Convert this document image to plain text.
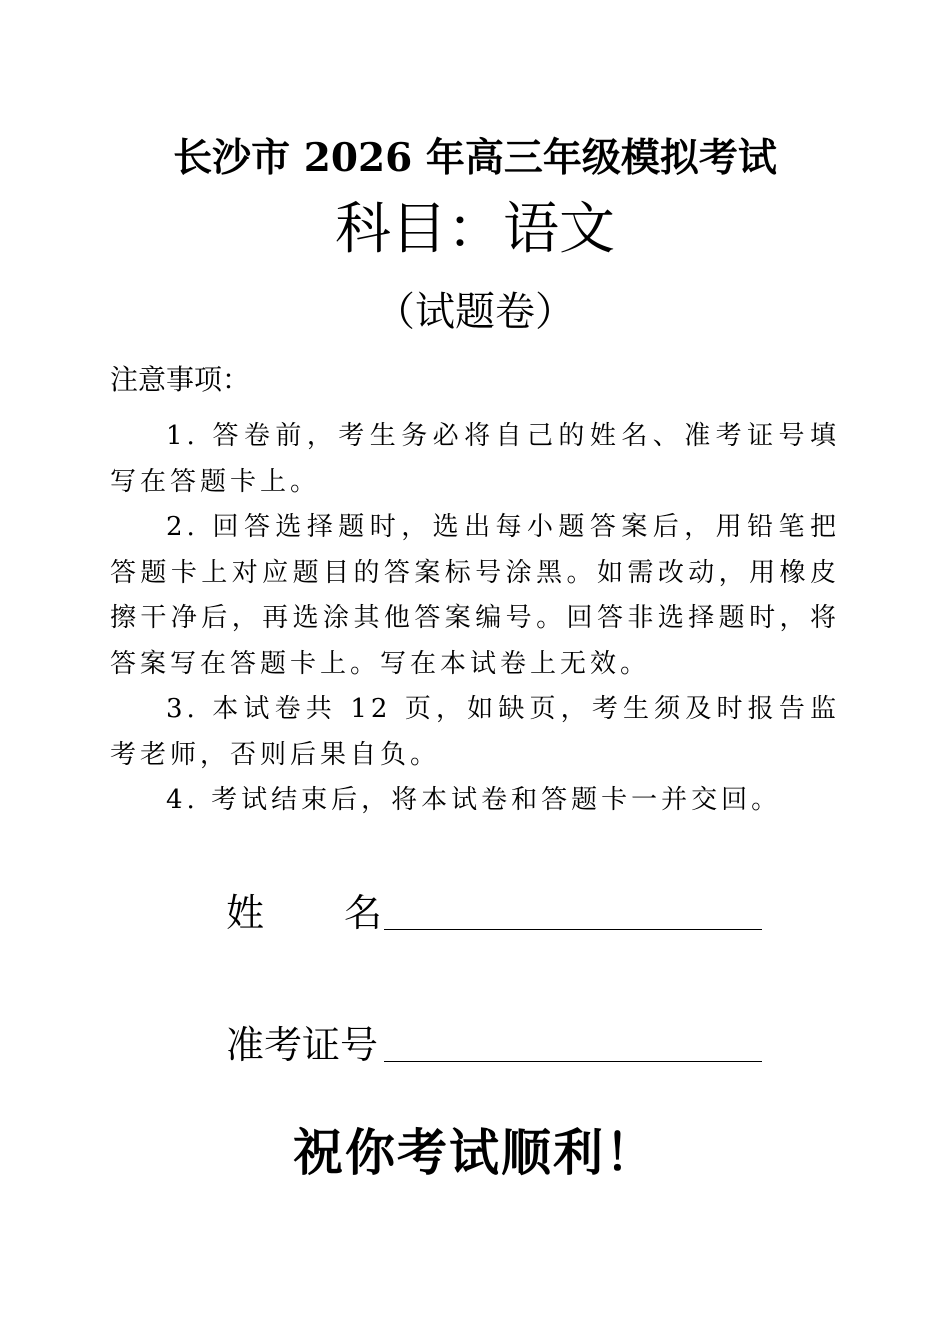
长沙市 2026 年高三年级模拟考试
科目：语文
（试题卷）
注意事项：

1. 答卷前，考生务必将自己的姓名、准考证号填写在答题卡上。

2. 回答选择题时，选出每小题答案后，用铅笔把答题卡上对应题目的答案标号涂黑。如需改动，用橡皮擦干净后，再选涂其他答案编号。回答非选择题时，将答案写在答题卡上。写在本试卷上无效。

3. 本试卷共 12 页，如缺页，考生须及时报告监考老师，否则后果自负。

4. 考试结束后，将本试卷和答题卡一并交回。

姓名
准考证号
祝你考试顺利！
